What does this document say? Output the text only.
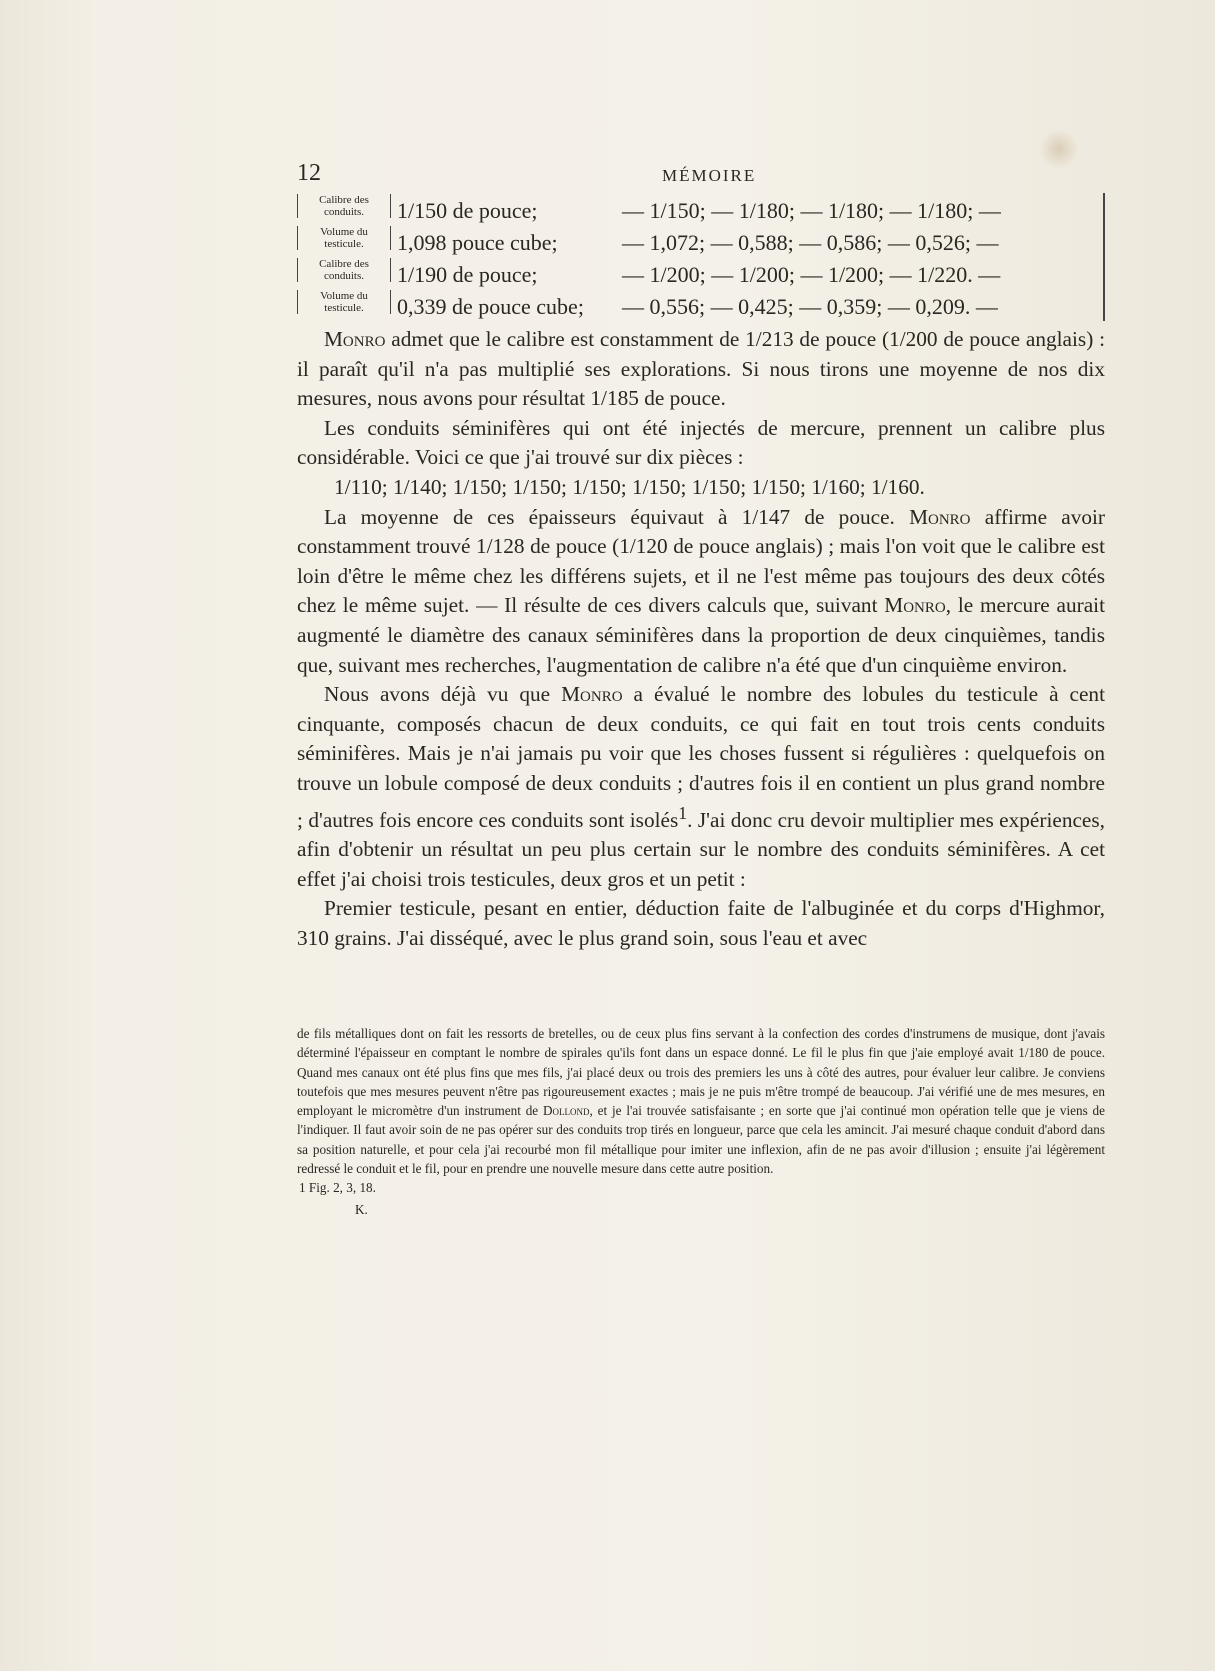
12	MÉMOIRE
Calibre des conduits.	1/150 de pouce;	— 1/150; — 1/180; — 1/180; — 1/180; —
Volume du testicule.	1,098 pouce cube;	— 1,072; — 0,588; — 0,586; — 0,526; —
Calibre des conduits.	1/190 de pouce;	— 1/200; — 1/200; — 1/200; — 1/220. —
Volume du testicule.	0,339 de pouce cube; — 0,556; — 0,425; — 0,359; — 0,209. —

Monro admet que le calibre est constamment de 1/213 de pouce (1/200 de pouce anglais) : il paraît qu'il n'a pas multiplié ses explorations. Si nous tirons une moyenne de nos dix mesures, nous avons pour résultat 1/185 de pouce.

Les conduits séminifères qui ont été injectés de mercure, prennent un calibre plus considérable. Voici ce que j'ai trouvé sur dix pièces :

1/110; 1/140; 1/150; 1/150; 1/150; 1/150; 1/150; 1/150; 1/160; 1/160.

La moyenne de ces épaisseurs équivaut à 1/147 de pouce. Monro affirme avoir constamment trouvé 1/128 de pouce (1/120 de pouce anglais) ; mais l'on voit que le calibre est loin d'être le même chez les différens sujets, et il ne l'est même pas toujours des deux côtés chez le même sujet. — Il résulte de ces divers calculs que, suivant Monro, le mercure aurait augmenté le diamètre des canaux séminifères dans la proportion de deux cinquièmes, tandis que, suivant mes recherches, l'augmentation de calibre n'a été que d'un cinquième environ.

Nous avons déjà vu que Monro a évalué le nombre des lobules du testicule à cent cinquante, composés chacun de deux conduits, ce qui fait en tout trois cents conduits séminifères. Mais je n'ai jamais pu voir que les choses fussent si régulières : quelquefois on trouve un lobule composé de deux conduits ; d'autres fois il en contient un plus grand nombre ; d'autres fois encore ces conduits sont isolés$^1$. J'ai donc cru devoir multiplier mes expériences, afin d'obtenir un résultat un peu plus certain sur le nombre des conduits séminifères. A cet effet j'ai choisi trois testicules, deux gros et un petit :

Premier testicule, pesant en entier, déduction faite de l'albuginée et du corps d'Highmor, 310 grains. J'ai disséqué, avec le plus grand soin, sous l'eau et avec

de fils métalliques dont on fait les ressorts de bretelles, ou de ceux plus fins servant à la confection des cordes d'instrumens de musique, dont j'avais déterminé l'épaisseur en comptant le nombre de spirales qu'ils font dans un espace donné. Le fil le plus fin que j'aie employé avait 1/180 de pouce. Quand mes canaux ont été plus fins que mes fils, j'ai placé deux ou trois des premiers les uns à côté des autres, pour évaluer leur calibre. Je conviens toutefois que mes mesures peuvent n'être pas rigoureusement exactes ; mais je ne puis m'être trompé de beaucoup. J'ai vérifié une de mes mesures, en employant le micromètre d'un instrument de Dollond, et je l'ai trouvée satisfaisante ; en sorte que j'ai continué mon opération telle que je viens de l'indiquer. Il faut avoir soin de ne pas opérer sur des conduits trop tirés en longueur, parce que cela les amincit. J'ai mesuré chaque conduit d'abord dans sa position naturelle, et pour cela j'ai recourbé mon fil métallique pour imiter une inflexion, afin de ne pas avoir d'illusion ; ensuite j'ai légèrement redressé le conduit et le fil, pour en prendre une nouvelle mesure dans cette autre position.

1 Fig. 2, 3, 18.

K.
